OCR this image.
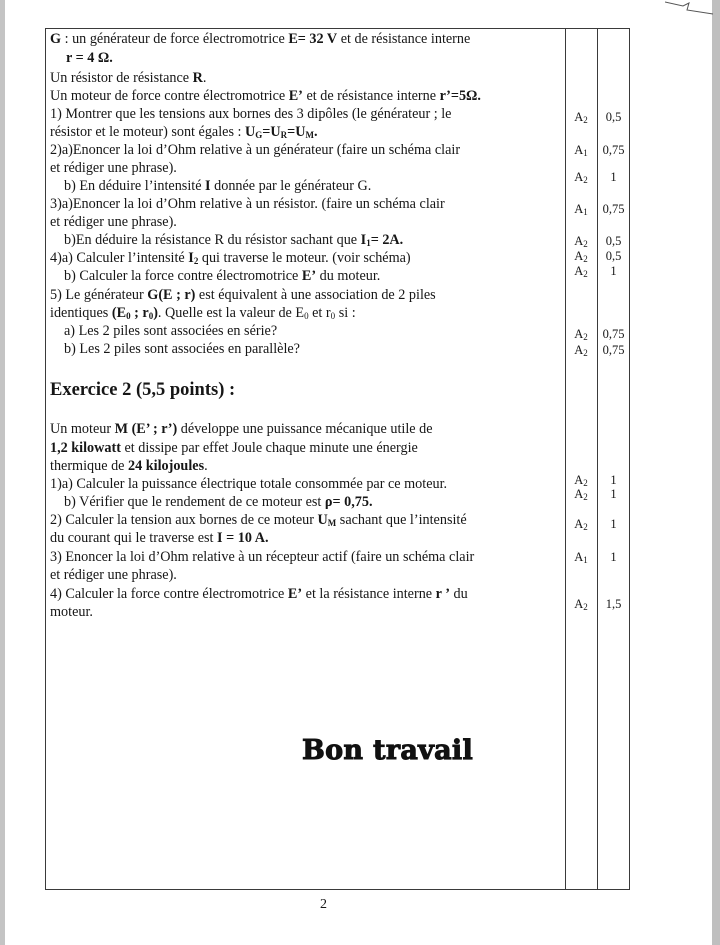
G : un générateur de force électromotrice E= 32 V et de résistance interne
r = 4 Ω.
Un résistor de résistance R.
Un moteur de force contre électromotrice E’ et de résistance interne r’=5Ω.
1) Montrer que les tensions aux bornes des 3 dipôles (le générateur ; le
résistor et le moteur) sont égales : $U_G=U_R=U_M$.
$A_2$	0,5
2)a)Enoncer la loi d’Ohm relative à un générateur (faire un schéma clair
et rédiger une phrase).
$A_1$	0,75
b) En déduire l’intensité I donnée par le générateur G.
$A_2$	1
3)a)Enoncer la loi d’Ohm relative à un résistor. (faire un schéma clair
et rédiger une phrase).
$A_1$	0,75
b)En déduire la résistance R du résistor sachant que $I_1= 2A$.	$A_2$	0,5
4)a) Calculer l’intensité $I_2$ qui traverse le moteur. (voir schéma)	$A_2$	0,5
b) Calculer la force contre électromotrice E’ du moteur.	$A_2$	1
5) Le générateur G(E ; r) est équivalent à une association de 2 piles
identiques ($E_0$ ; $r_0$). Quelle est la valeur de $E_0$ et $r_0$ si :
a) Les 2 piles sont associées en série?	$A_2$	0,75
b) Les 2 piles sont associées en parallèle?	$A_2$	0,75
Exercice 2 (5,5 points) :
Un moteur M (E’ ; r’) développe une puissance mécanique utile de
1,2 kilowatt et dissipe par effet Joule chaque minute une énergie
thermique de 24 kilojoules.
1)a) Calculer la puissance électrique totale consommée par ce moteur.	$A_2$	1
b) Vérifier que le rendement de ce moteur est ρ= 0,75.	$A_2$	1
2) Calculer la tension aux bornes de ce moteur $U_M$ sachant que l’intensité
du courant qui le traverse est I = 10 A.
$A_2$	1
3) Enoncer la loi d’Ohm relative à un récepteur actif (faire un schéma clair
et rédiger une phrase).
$A_1$	1
4) Calculer la force contre électromotrice E’ et la résistance interne r ’ du
moteur.	$A_2$	1,5
Bon travail
2
